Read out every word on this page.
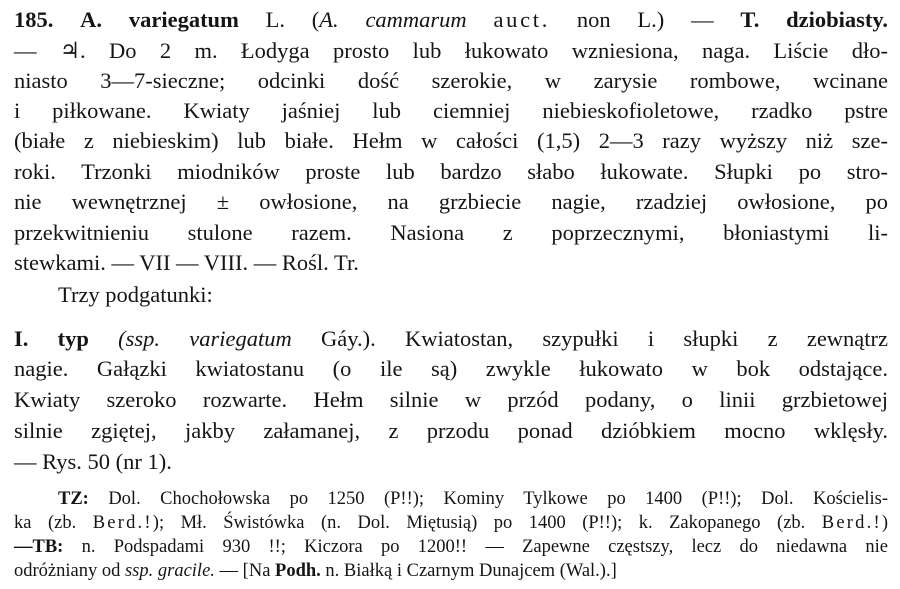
185. A. variegatum L. (A. cammarum auct. non L.) — T. dziobiasty.
— ♃. Do 2 m. Łodyga prosto lub łukowato wzniesiona, naga. Liście dło-
niasto 3—7-sieczne; odcinki dość szerokie, w zarysie rombowe, wcinane
i piłkowane. Kwiaty jaśniej lub ciemniej niebieskofioletowe, rzadko pstre
(białe z niebieskim) lub białe. Hełm w całości (1,5) 2—3 razy wyższy niż sze-
roki. Trzonki miodników proste lub bardzo słabo łukowate. Słupki po stro-
nie wewnętrznej ± owłosione, na grzbiecie nagie, rzadziej owłosione, po
przekwitnieniu stulone razem. Nasiona z poprzecznymi, błoniastymi li-
stewkami. — VII — VIII. — Rośl. Tr.
Trzy podgatunki:
I. typ (ssp. variegatum Gáy.). Kwiatostan, szypułki i słupki z zewnątrz
nagie. Gałązki kwiatostanu (o ile są) zwykle łukowato w bok odstające.
Kwiaty szeroko rozwarte. Hełm silnie w przód podany, o linii grzbietowej
silnie zgiętej, jakby załamanej, z przodu ponad dzióbkiem mocno wklęsły.
— Rys. 50 (nr 1).
TZ: Dol. Chochołowska po 1250 (P!!); Kominy Tylkowe po 1400 (P!!); Dol. Kościelis-
ka (zb. Berd.!); Mł. Świstówka (n. Dol. Miętusią) po 1400 (P!!); k. Zakopanego (zb. Berd.!)
—TB: n. Podspadami 930 !!; Kiczora po 1200!! — Zapewne częstszy, lecz do niedawna nie
odróżniany od ssp. gracile. — [Na Podh. n. Białką i Czarnym Dunajcem (Wal.).]
